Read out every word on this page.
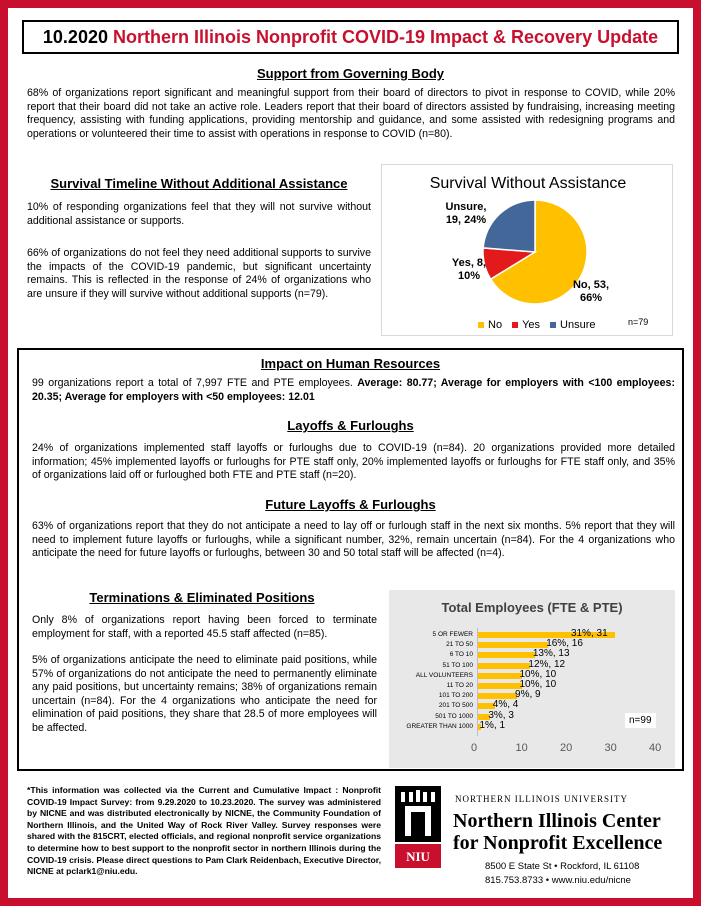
10.2020 Northern Illinois Nonprofit COVID-19 Impact & Recovery Update
Support from Governing Body
68% of organizations report significant and meaningful support from their board of directors to pivot in response to COVID, while 20% report that their board did not take an active role. Leaders report that their board of directors assisted by fundraising, increasing meeting frequency, assisting with funding applications, providing mentorship and guidance, and some assisted with redesigning programs and operations or volunteered their time to assist with operations in response to COVID (n=80).
Survival Timeline Without Additional Assistance
10% of responding organizations feel that they will not survive without additional assistance or supports.
66% of organizations do not feel they need additional supports to survive the impacts of the COVID-19 pandemic, but significant uncertainty remains. This is reflected in the response of 24% of organizations who are unsure if they will survive without additional supports (n=79).
Survival Without Assistance
Unsure,
19, 24%
Yes, 8,
10%
No, 53,
66%
No	Yes	Unsure	n=79
Impact on Human Resources
99 organizations report a total of 7,997 FTE and PTE employees. Average: 80.77; Average for employers with <100 employees: 20.35; Average for employers with <50 employees: 12.01
Layoffs & Furloughs
24% of organizations implemented staff layoffs or furloughs due to COVID-19 (n=84). 20 organizations provided more detailed information; 45% implemented layoffs or furloughs for PTE staff only, 20% implemented layoffs or furloughs for FTE staff only, and 35% of organizations laid off or furloughed both FTE and PTE staff (n=20).
Future Layoffs & Furloughs
63% of organizations report that they do not anticipate a need to lay off or furlough staff in the next six months. 5% report that they will need to implement future layoffs or furloughs, while a significant number, 32%, remain uncertain (n=84). For the 4 organizations who anticipate the need for future layoffs or furloughs, between 30 and 50 total staff will be affected (n=4).
Terminations & Eliminated Positions
Only 8% of organizations report having been forced to terminate employment for staff, with a reported 45.5 staff affected (n=85).
5% of organizations anticipate the need to eliminate paid positions, while 57% of organizations do not anticipate the need to permanently eliminate any paid positions, but uncertainty remains; 38% of organizations remain uncertain (n=84). For the 4 organizations who anticipate the need for elimination of paid positions, they share that 28.5 of more employees will be affected.
Total Employees (FTE & PTE)
5 OR FEWER	31%, 31
21 TO 50	16%, 16
6 TO 10	13%, 13
51 TO 100	12%, 12
ALL VOLUNTEERS	10%, 10
11 TO 20	10%, 10
101 TO 200	9%, 9
201 TO 500 4%, 4
501 TO 1000 3%, 3
GREATER THAN 1000 1%, 1
0	10	20	30	40
n=99
*This information was collected via the Current and Cumulative Impact : Nonprofit COVID-19 Impact Survey: from 9.29.2020 to 10.23.2020. The survey was administered by NICNE and was distributed electronically by NICNE, the Community Foundation of Northern Illinois, and the United Way of Rock River Valley. Survey responses were shared with the 815CRT, elected officials, and regional nonprofit service organizations to determine how to best support to the nonprofit sector in northern Illinois during the COVID-19 crisis. Please direct questions to Pam Clark Reidenbach, Executive Director, NICNE at pclark1@niu.edu.
NIU
NORTHERN ILLINOIS UNIVERSITY
Northern Illinois Center
for Nonprofit Excellence
8500 E State St • Rockford, IL 61108
815.753.8733 • www.niu.edu/nicne
